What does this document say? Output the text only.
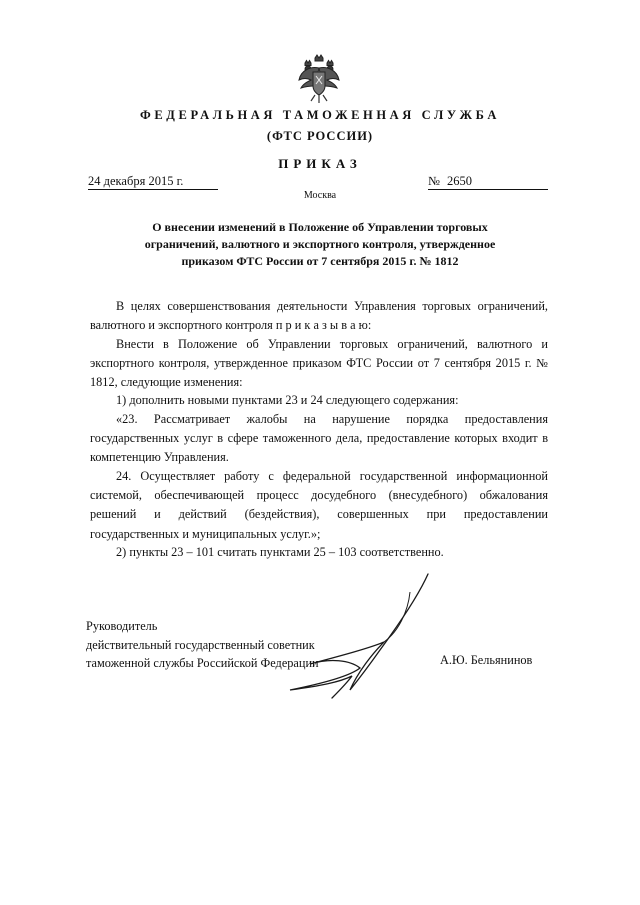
ФЕДЕРАЛЬНАЯ ТАМОЖЕННАЯ СЛУЖБА
(ФТС РОССИИ)
ПРИКАЗ
24 декабря 2015 г.	№ 2650
Москва
О внесении изменений в Положение об Управлении торговых
ограничений, валютного и экспортного контроля, утвержденное
приказом ФТС России от 7 сентября 2015 г. № 1812
В целях совершенствования деятельности Управления торговых ограничений, валютного и экспортного контроля п р и к а з ы в а ю:
Внести в Положение об Управлении торговых ограничений, валютного и экспортного контроля, утвержденное приказом ФТС России от 7 сентября 2015 г. № 1812, следующие изменения:
1) дополнить новыми пунктами 23 и 24 следующего содержания:
«23. Рассматривает жалобы на нарушение порядка предоставления государственных услуг в сфере таможенного дела, предоставление которых входит в компетенцию Управления.
24. Осуществляет работу с федеральной государственной информационной системой, обеспечивающей процесс досудебного (внесудебного) обжалования решений и действий (бездействия), совершенных при предоставлении государственных и муниципальных услуг.»;
2) пункты 23 – 101 считать пунктами 25 – 103 соответственно.
Руководитель
действительный государственный советник
таможенной службы Российской Федерации	А.Ю. Бельянинов
